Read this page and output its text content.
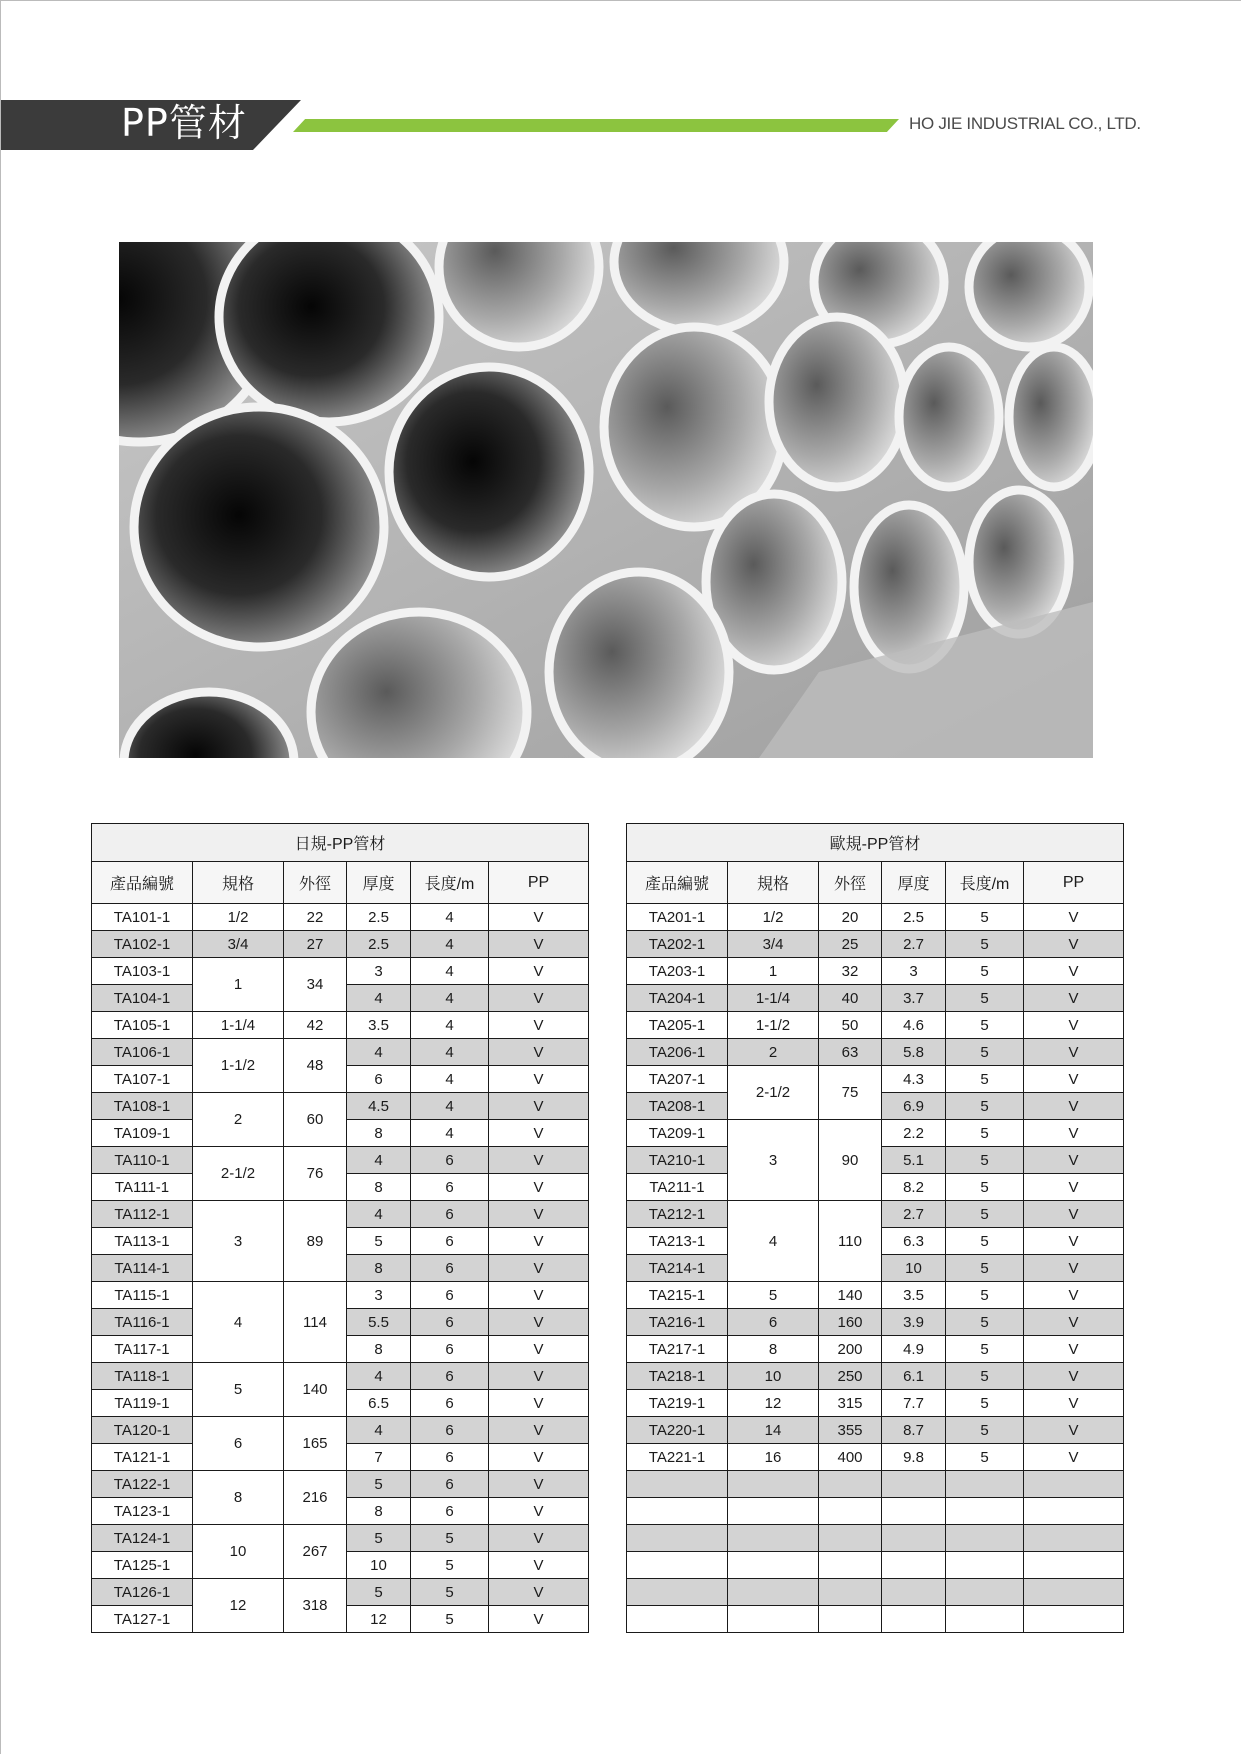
PP管材	HO JIE INDUSTRIAL CO., LTD.
日規-PP管材					
產品編號	規格	外徑	厚度	長度/m	PP
TA101-1	1/2	22	2.5	4	V
TA102-1	3/4	27	2.5	4	V
TA103-1	1	34	3	4	V
TA104-1			4	4	V
TA105-1	1-1/4	42	3.5	4	V
TA106-1	1-1/2	48	4	4	V
TA107-1			6	4	V
TA108-1	2	60	4.5	4	V
TA109-1			8	4	V
TA110-1	2-1/2	76	4	6	V
TA111-1			8	6	V
TA112-1	3	89	4	6	V
TA113-1			5	6	V
TA114-1			8	6	V
TA115-1	4	114	3	6	V
TA116-1			5.5	6	V
TA117-1			8	6	V
TA118-1	5	140	4	6	V
TA119-1			6.5	6	V
TA120-1	6	165	4	6	V
TA121-1			7	6	V
TA122-1	8	216	5	6	V
TA123-1			8	6	V
TA124-1	10	267	5	5	V
TA125-1			10	5	V
TA126-1	12	318	5	5	V
TA127-1			12	5	V
歐規-PP管材					
產品編號	規格	外徑	厚度	長度/m	PP
TA201-1	1/2	20	2.5	5	V
TA202-1	3/4	25	2.7	5	V
TA203-1	1	32	3	5	V
TA204-1	1-1/4	40	3.7	5	V
TA205-1	1-1/2	50	4.6	5	V
TA206-1	2	63	5.8	5	V
TA207-1	2-1/2	75	4.3	5	V
TA208-1			6.9	5	V
TA209-1	3	90	2.2	5	V
TA210-1			5.1	5	V
TA211-1			8.2	5	V
TA212-1	4	110	2.7	5	V
TA213-1			6.3	5	V
TA214-1			10	5	V
TA215-1	5	140	3.5	5	V
TA216-1	6	160	3.9	5	V
TA217-1	8	200	4.9	5	V
TA218-1	10	250	6.1	5	V
TA219-1	12	315	7.7	5	V
TA220-1	14	355	8.7	5	V
TA221-1	16	400	9.8	5	V
